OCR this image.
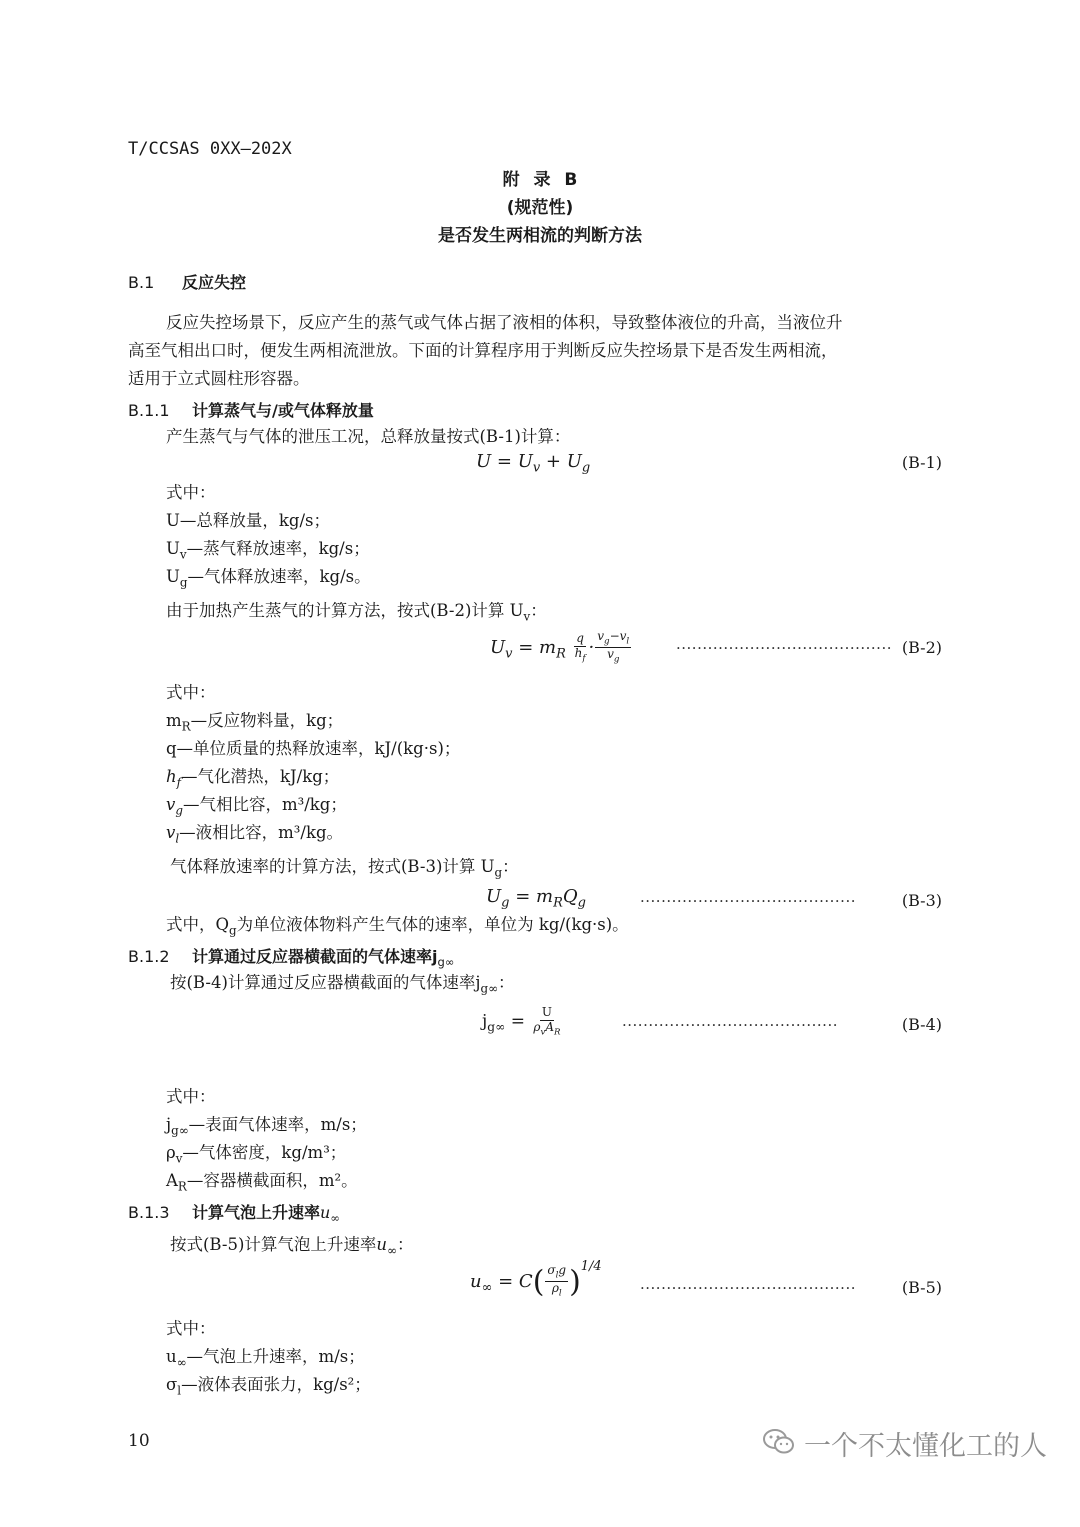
T/CCSAS 0XX—202X
附 录 B
(规范性)
是否发生两相流的判断方法
B.1 反应失控
反应失控场景下，反应产生的蒸气或气体占据了液相的体积，导致整体液位的升高，当液位升
高至气相出口时，便发生两相流泄放。下面的计算程序用于判断反应失控场景下是否发生两相流，
适用于立式圆柱形容器。
B.1.1 计算蒸气与/或气体释放量
产生蒸气与气体的泄压工况，总释放量按式(B-1)计算：
$U = U_v + U_g$	(B-1)
式中：
U—总释放量，kg/s；
$U_v—$蒸气释放速率，kg/s；
$U_g—$气体释放速率，kg/s。
由于加热产生蒸气的计算方法，按式(B-2)计算 $U_v$：
$U_v = m_R \frac{q}{h_f} \cdot \frac{v_g-v_l}{v_g}$	········································· (B-2)
式中：
$m_R—$反应物料量，kg；
q—单位质量的热释放速率，kJ/(kg·s)；
$h_f—$气化潜热，kJ/kg；
$v_g—$气相比容，m³/kg；
$v_l—$液相比容，m³/kg。
气体释放速率的计算方法，按式(B-3)计算 $U_g$：
$U_g = m_RQ_g$	·········································	(B-3)
式中，$Q_g$为单位液体物料产生气体的速率，单位为 kg/(kg·s)。
B.1.2 计算通过反应器横截面的气体速率$j_{g\infty}$
按(B-4)计算通过反应器横截面的气体速率$j_{g\infty}$：
$j_{g\infty} = \frac{U}{\rho_vA_R}$	·········································	(B-4)
式中：
$j_{g\infty}—$表面气体速率，m/s；
$\rho_v—$气体密度，kg/m³；
$A_R—$容器横截面积，m²。
B.1.3 计算气泡上升速率$u_\infty$
按式(B-5)计算气泡上升速率$u_\infty$：
$u_\infty = C( \frac{\sigma_lg}{\rho_l} )^{1/4}$
·········································	(B-5)
式中：
$u_\infty—$气泡上升速率，m/s；
$\sigma_l—$液体表面张力，kg/s²；
10	一个不太懂化工的人
